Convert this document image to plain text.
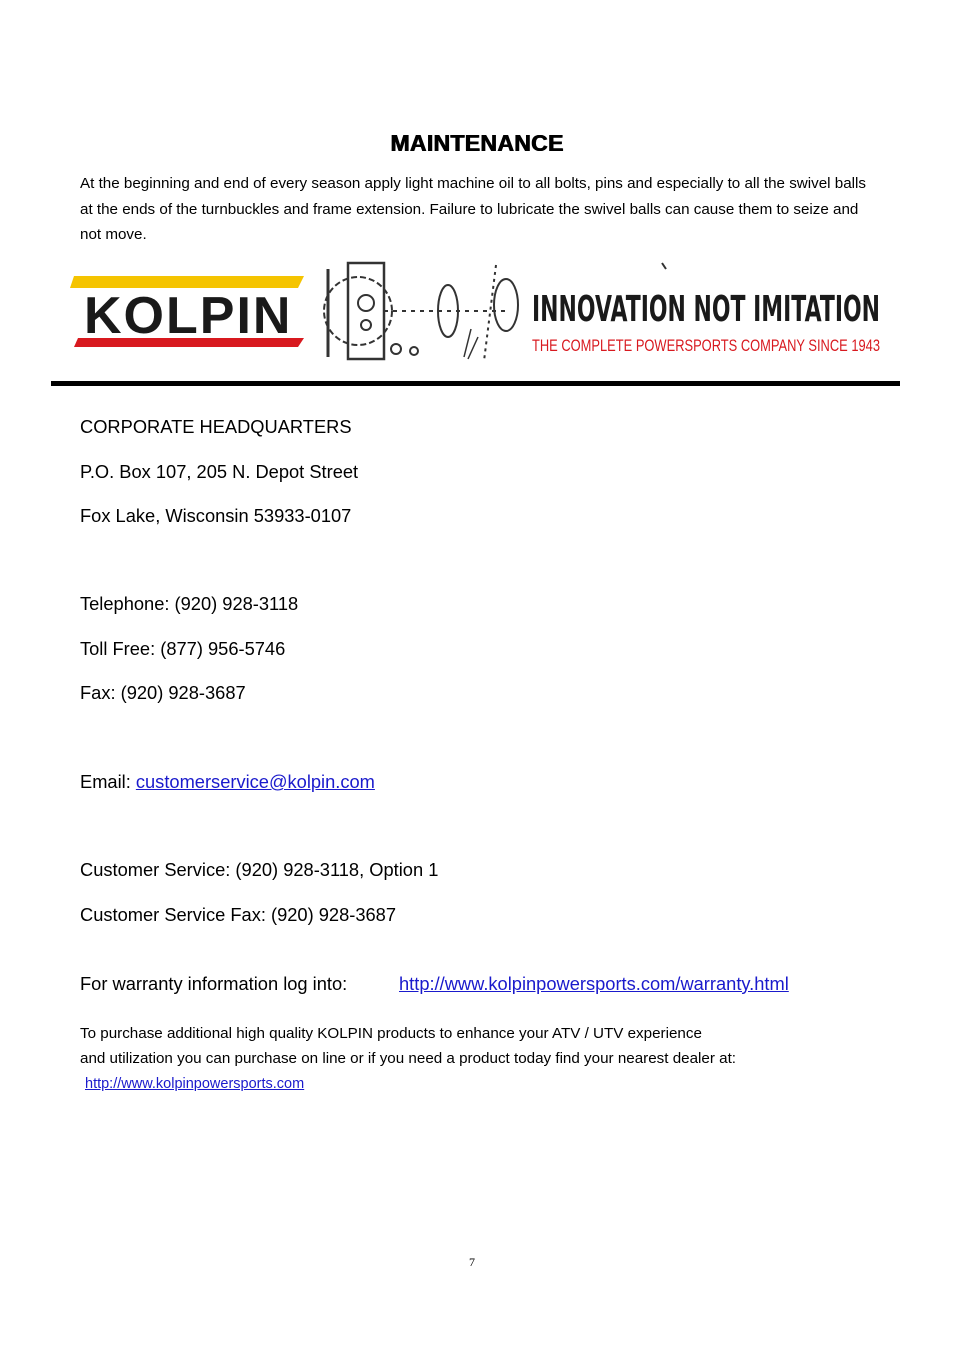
MAINTENANCE
At the beginning and end of every season apply light machine oil to all bolts, pins and especially to all the swivel balls at the ends of the turnbuckles and frame extension. Failure to lubricate the swivel balls can cause them to seize and not move.
KOLPIN	INNOVATION NOT IMITATION
THE COMPLETE POWERSPORTS COMPANY SINCE 1943
CORPORATE HEADQUARTERS
P.O. Box 107, 205 N. Depot Street
Fox Lake, Wisconsin 53933-0107
Telephone: (920) 928-3118
Toll Free: (877) 956-5746
Fax: (920) 928-3687
Email: customerservice@kolpin.com
Customer Service: (920) 928-3118, Option 1
Customer Service Fax: (920) 928-3687
For warranty information log into:	http://www.kolpinpowersports.com/warranty.html
To purchase additional high quality KOLPIN products to enhance your ATV / UTV experience
and utilization you can purchase on line or if you need a product today find your nearest dealer at:
http://www.kolpinpowersports.com
7
